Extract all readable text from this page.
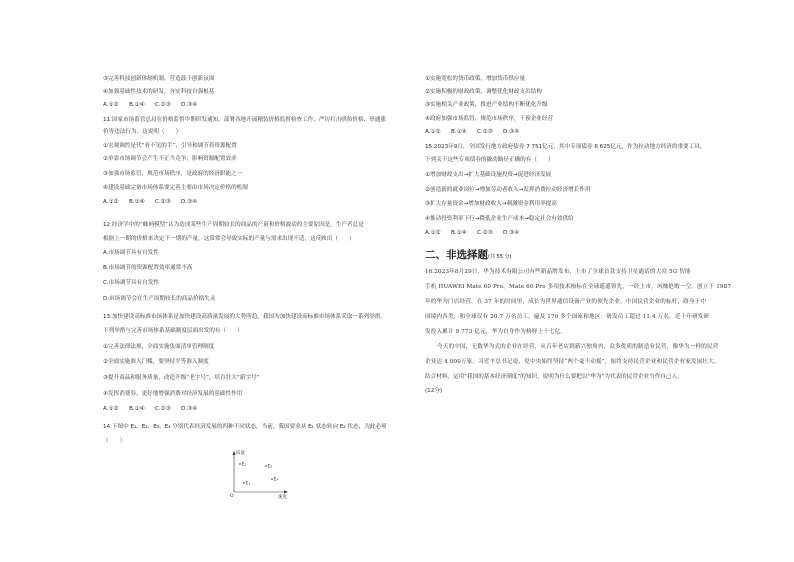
③完善科技创新体制机制，营造鼓于创新氛围
④加强基础性技术的研发，夯实科技自强根基
A.①② B.①④ C.②③ D.③④
11.国家市场监管总局在价格监督中期印发通知，部署各地开展精装价格监督检查工作，严厉打击哄抬价格、串通涨
价等违法行为。这说明（　　）
①宏观调控是代“看不见的手”，引导和调节着资源配置
②单靠市场调节会产生不正当竞争，影响资源配置效率
③加强市场监管，规范市场秩序，是政府的经济职能之一
④建设基础完备市场体系要完善主要由市场决定价格的机制
A.①② B.①④ C.②③ D.③④
12.经济学中的“蛛网模型”认为造成某些生产周期较长的商品的产量和价格波动的主要原因是，生产者总是
根据上一期的价格来决定下一期的产量，这常常会导致实际的产量与需求出现不适，这反映出（　　）
A.市场调节具有自发性
B.市场调节的资源配置效率通常不高
C.市场调节具有自发性
D.市场调节会在生产周期较长的商品价格失灵
13.加快建设高标准市场体系是加快建设高质量发展的大势所趋，我国为加快建设高标准市场体系采取一系列举措。
下列举措与完善市场体系基础制度层面出发的有（　　）
①完善法律法规，全面实施负面清单管理制度
②全面实施准入门槛，要坚持平等准入制度
③提升商品和服务质量，改造升级“老字号”，培育壮大“新字号”
④发挥消费券，更好地增强消费对经济发展的基础性作用
A.①② B.①④ C.②③ D.③④
14.下图中 E₁、E₂、E₃、E₄ 分别代表经济发展的四种不同状态，当前，我国要求从 E₁ 状态转向 E₂ 状态，为此必须
（　　）
质量
速度
O
E₁	E₂
E₃
E₄
①实施宽松的货币政策，增加货币供应量
②实施积极的财政政策，调整优化财政支出结构
③实施相关产业政策，推进产业结构不断优化升级
④政府加强市场监管，规范市场秩序，干预企业经营
A.①② B.①④ C.②③ D.③④
15.2023年9月，全国发行地方政府债券 7 751亿元，其中专项债券 6 625亿元，作为拉动地方经济的重要工具，
下列关于这些专项债券的撬动路径正确的有（　　）
①增加财政支出→扩大基础设施投资→促进经济发展
②创造新的就业岗位→增加劳动者收入→发挥消费拉动经济增长作用
③扩大存量资金→增加财政收入→刺激资金利用率提高
④推动投资利率下行→降低企业生产成本→稳定社会有效供给
A.①② B.①④ C.②③ D.③④
二、非选择题(共 55 分)
16.2023年8月29日，华为技术有限公司有些新品牌发布，上市了全球首款支持卫星通话的大众 5G 智能
手机 HUAWEI Mate 60 Pro。Mate 60 Pro 多项技术指标在全球遥遥领先，一经上市，风靡抢购一空。创立于 1987
年的华为门店经营，在 37 年的时间里，成长为世界通信设备产业的领先企业，中国民营企业的标杆，跻身于中
国境内各类，和全球仅有 20.7 万名员工，遍及 170 多个国家和地区：研发员工超过 11.4 万名，近十年研发研
发投入累计 9 773 亿元，华为自身作为榜样上十七亿。
今天的中国，无数华为式的企业在经营，从百年老店到新兴独角兽，众多优质的制造业民营，像华为一样的民营
企业达 4 000万家。习近平总书记说，党中央始终坚持“两个毫不动摇”，始终支持民营企业和民营企业家发展壮大。
结合材料，运用“我国的基本经济制度”的知识，说明为什么要把以“华为”为代表的民营企业当作自己人。
(12分)
